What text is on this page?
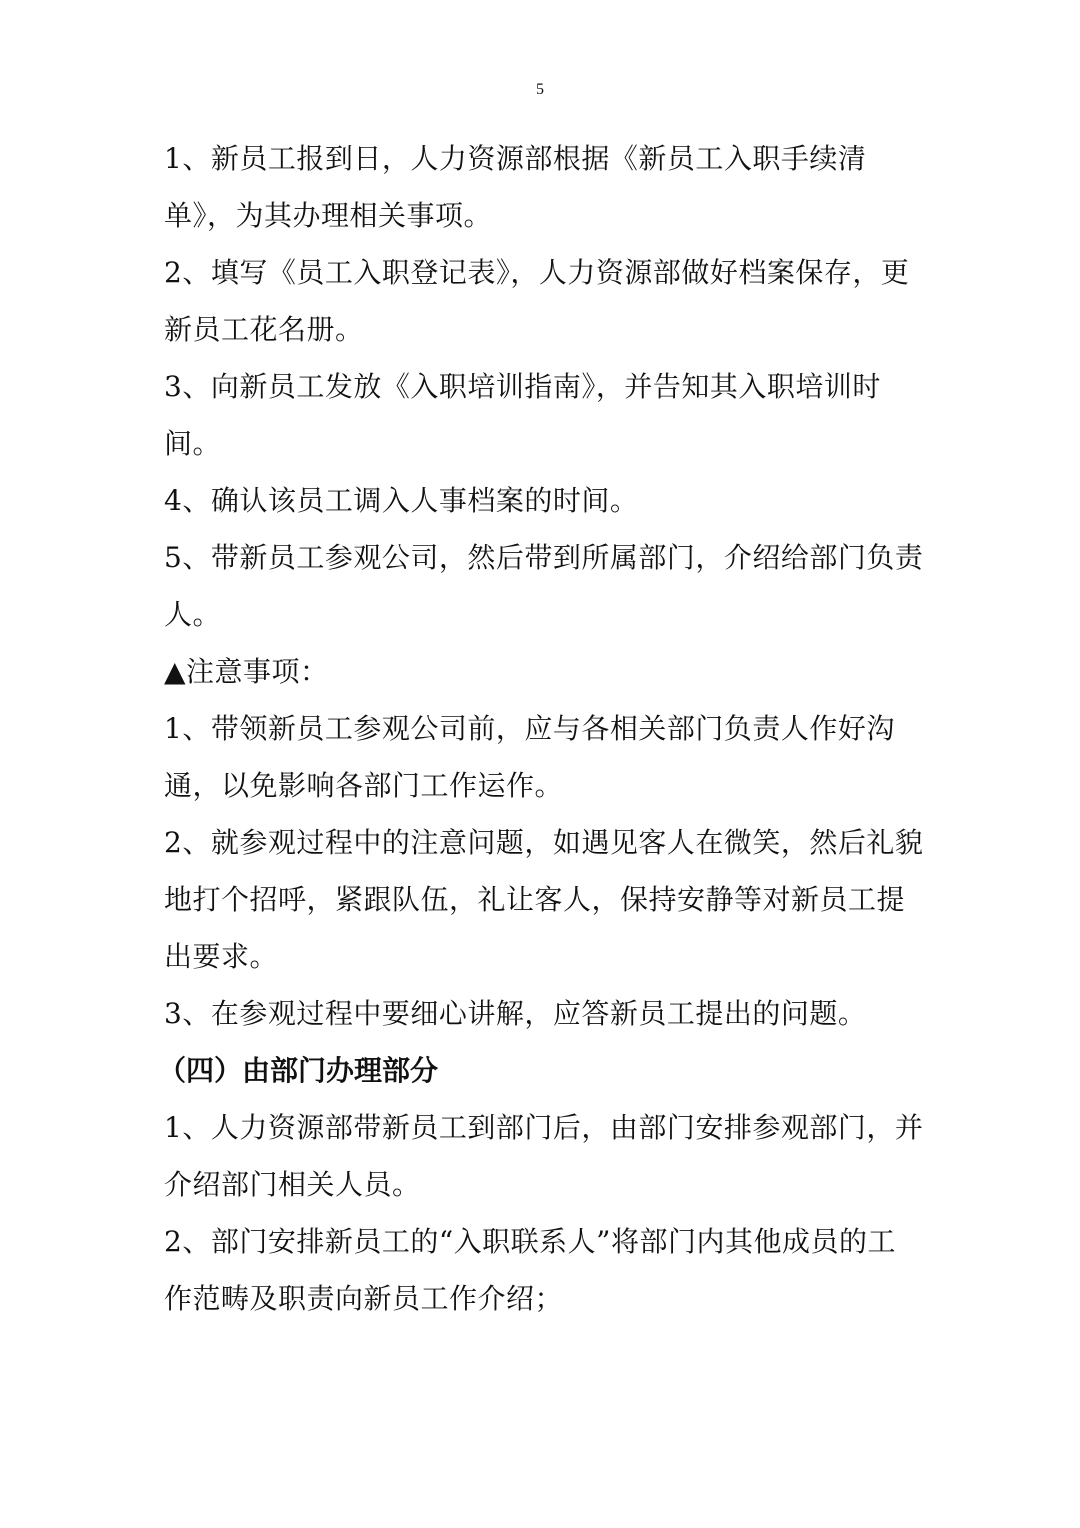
5

1、新员工报到日，人力资源部根据《新员工入职手续清单》，为其办理相关事项。

2、填写《员工入职登记表》，人力资源部做好档案保存，更新员工花名册。

3、向新员工发放《入职培训指南》，并告知其入职培训时间。

4、确认该员工调入人事档案的时间。

5、带新员工参观公司，然后带到所属部门，介绍给部门负责人。

▲注意事项：

1、带领新员工参观公司前，应与各相关部门负责人作好沟通，以免影响各部门工作运作。

2、就参观过程中的注意问题，如遇见客人在微笑，然后礼貌地打个招呼，紧跟队伍，礼让客人，保持安静等对新员工提出要求。

3、在参观过程中要细心讲解，应答新员工提出的问题。

（四）由部门办理部分

1、人力资源部带新员工到部门后，由部门安排参观部门，并介绍部门相关人员。

2、部门安排新员工的“入职联系人”将部门内其他成员的工作范畴及职责向新员工作介绍；
